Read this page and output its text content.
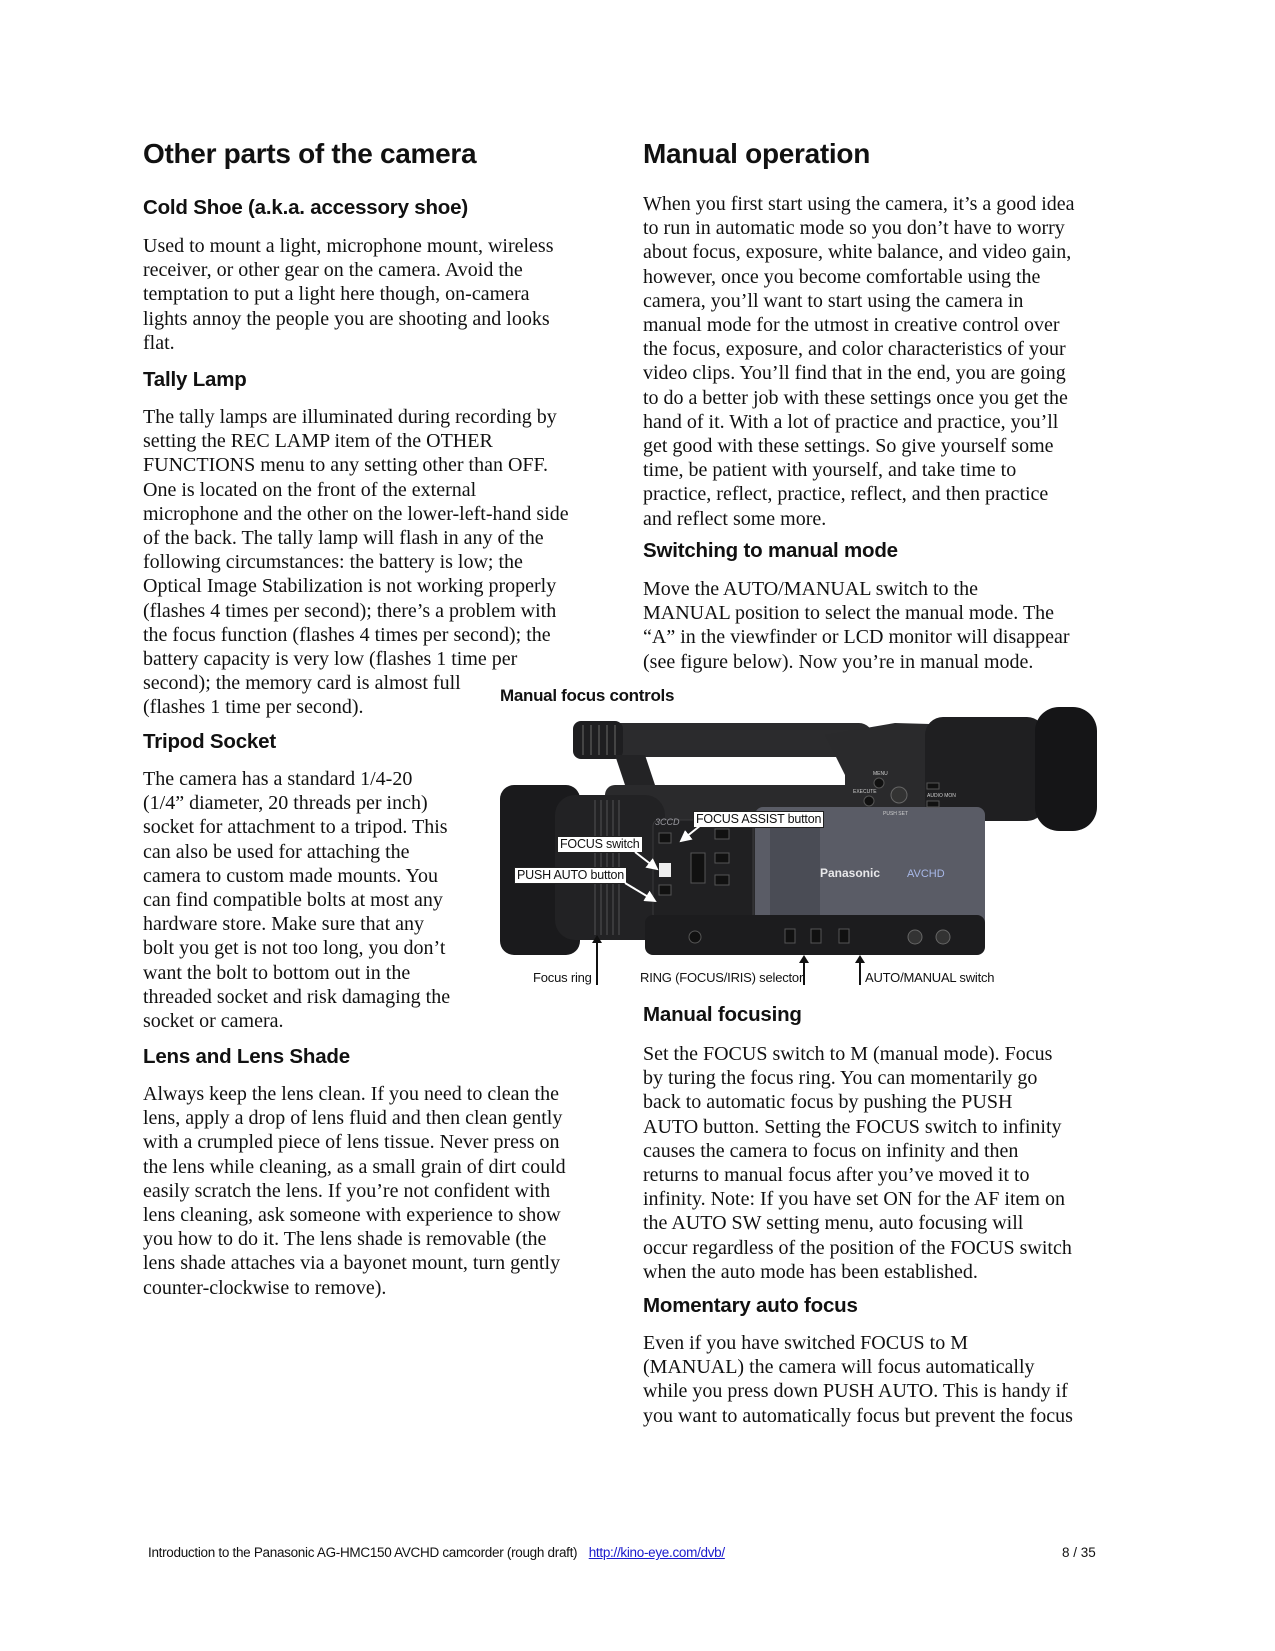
Other parts of the camera
Cold Shoe (a.k.a. accessory shoe)
Used to mount a light, microphone mount, wireless
receiver, or other gear on the camera. Avoid the
temptation to put a light here though, on-camera
lights annoy the people you are shooting and looks
flat.
Tally Lamp
The tally lamps are illuminated during recording by
setting the REC LAMP item of the OTHER
FUNCTIONS menu to any setting other than OFF.
One is located on the front of the external
microphone and the other on the lower-left-hand side
of the back. The tally lamp will flash in any of the
following circumstances: the battery is low; the
Optical Image Stabilization is not working properly
(flashes 4 times per second); there’s a problem with
the focus function (flashes 4 times per second); the
battery capacity is very low (flashes 1 time per
second); the memory card is almost full
(flashes 1 time per second).
Tripod Socket
The camera has a standard 1/4-20
(1/4” diameter, 20 threads per inch)
socket for attachment to a tripod. This
can also be used for attaching the
camera to custom made mounts. You
can find compatible bolts at most any
hardware store. Make sure that any
bolt you get is not too long, you don’t
want the bolt to bottom out in the
threaded socket and risk damaging the
socket or camera.
Lens and Lens Shade
Always keep the lens clean. If you need to clean the
lens, apply a drop of lens fluid and then clean gently
with a crumpled piece of lens tissue. Never press on
the lens while cleaning, as a small grain of dirt could
easily scratch the lens. If you’re not confident with
lens cleaning, ask someone with experience to show
you how to do it. The lens shade is removable (the
lens shade attaches via a bayonet mount, turn gently
counter-clockwise to remove).
Manual operation
When you first start using the camera, it’s a good idea
to run in automatic mode so you don’t have to worry
about focus, exposure, white balance, and video gain,
however, once you become comfortable using the
camera, you’ll want to start using the camera in
manual mode for the utmost in creative control over
the focus, exposure, and color characteristics of your
video clips. You’ll find that in the end, you are going
to do a better job with these settings once you get the
hand of it. With a lot of practice and practice, you’ll
get good with these settings. So give yourself some
time, be patient with yourself, and take time to
practice, reflect, practice, reflect, and then practice
and reflect some more.
Switching to manual mode
Move the AUTO/MANUAL switch to the
MANUAL position to select the manual mode. The
“A” in the viewfinder or LCD monitor will disappear
(see figure below). Now you’re in manual mode.
Manual focus controls
3CCD
Panasonic AVCHD
MENU
EXECUTE
PUSH SET
AUDIO MON
FOCUS ASSIST button
FOCUS switch
PUSH AUTO button
Focus ring	RING (FOCUS/IRIS) selector	AUTO/MANUAL switch
Manual focusing
Set the FOCUS switch to M (manual mode). Focus
by turing the focus ring. You can momentarily go
back to automatic focus by pushing the PUSH
AUTO button. Setting the FOCUS switch to infinity
causes the camera to focus on infinity and then
returns to manual focus after you’ve moved it to
infinity. Note: If you have set ON for the AF item on
the AUTO SW setting menu, auto focusing will
occur regardless of the position of the FOCUS switch
when the auto mode has been established.
Momentary auto focus
Even if you have switched FOCUS to M
(MANUAL) the camera will focus automatically
while you press down PUSH AUTO. This is handy if
you want to automatically focus but prevent the focus
Introduction to the Panasonic AG-HMC150 AVCHD camcorder (rough draft) http://kino-eye.com/dvb/	8 / 35
